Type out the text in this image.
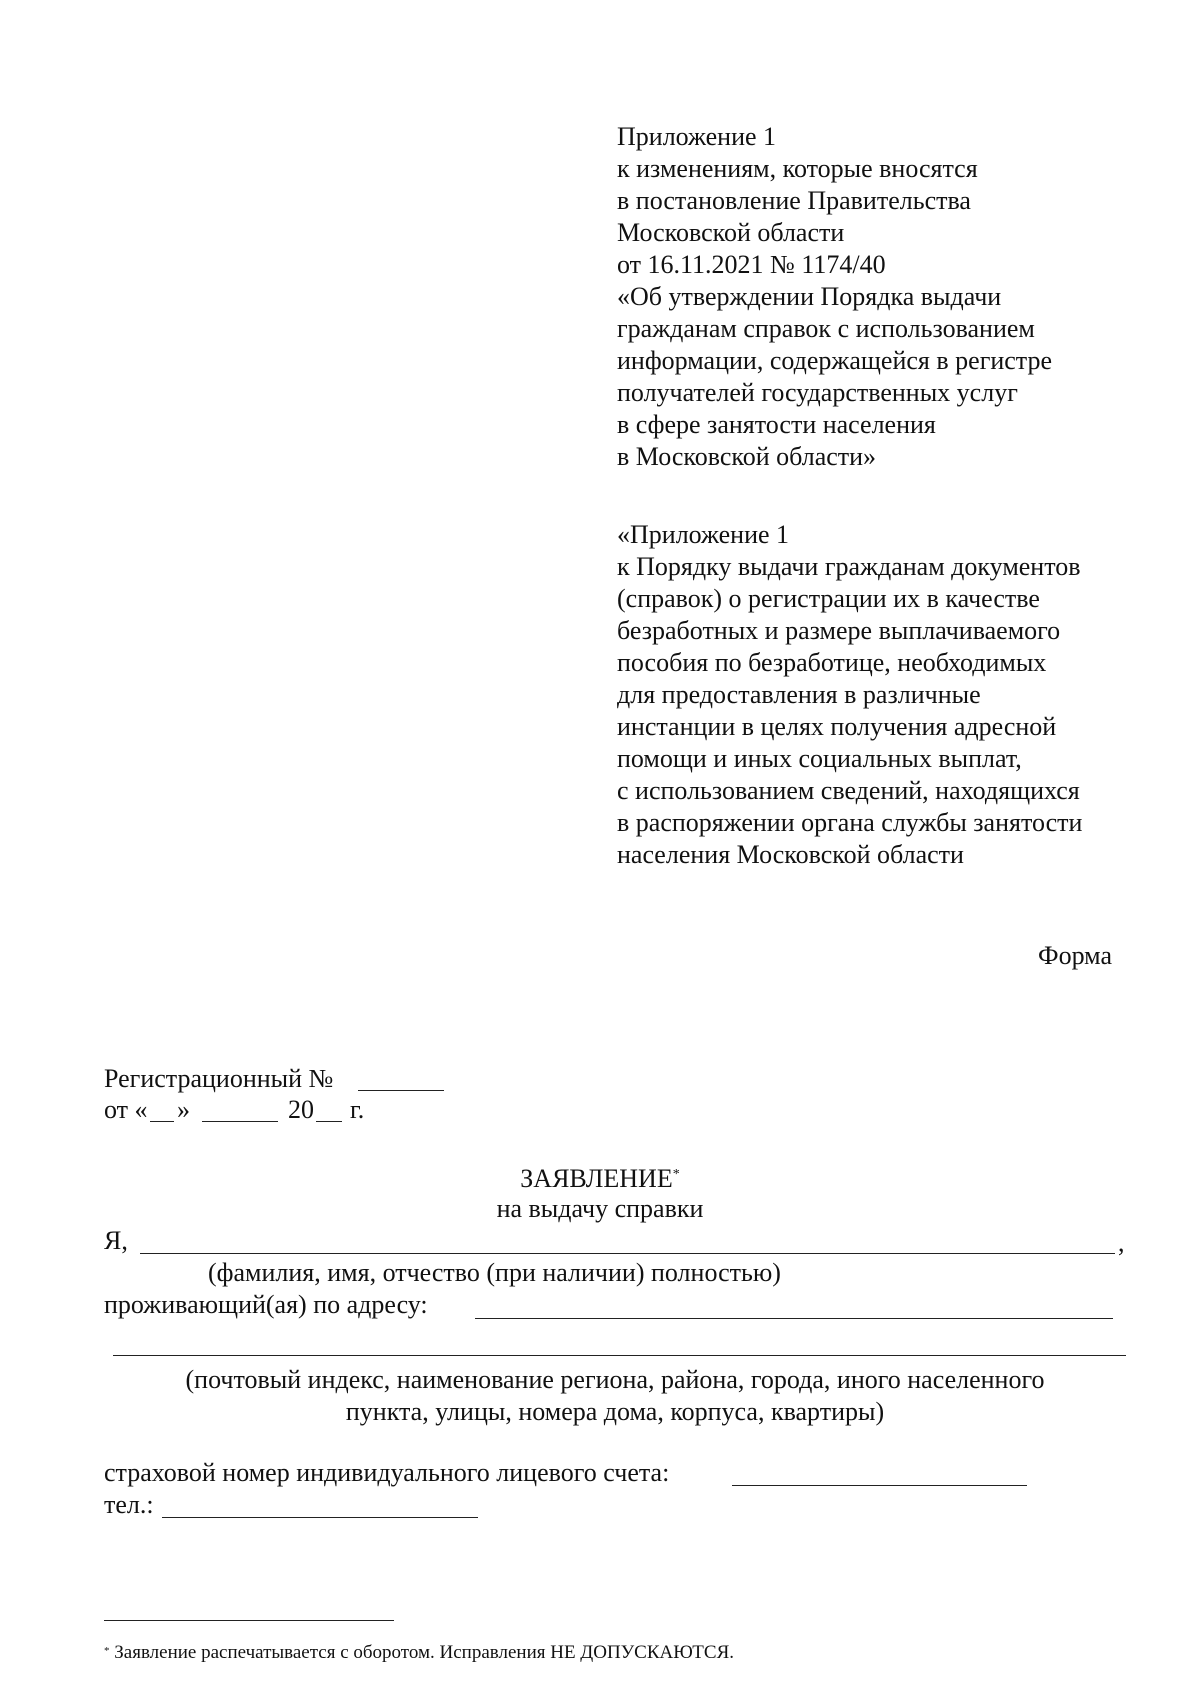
Приложение 1
к изменениям, которые вносятся
в постановление Правительства
Московской области
от 16.11.2021 № 1174/40
«Об утверждении Порядка выдачи
гражданам справок с использованием
информации, содержащейся в регистре
получателей государственных услуг
в сфере занятости населения
в Московской области»
«Приложение 1
к Порядку выдачи гражданам документов
(справок) о регистрации их в качестве
безработных и размере выплачиваемого
пособия по безработице, необходимых
для предоставления в различные
инстанции в целях получения адресной
помощи и иных социальных выплат,
с использованием сведений, находящихся
в распоряжении органа службы занятости
населения Московской области
Форма
Регистрационный №
от « »	20 г.
ЗАЯВЛЕНИЕ*
на выдачу справки
Я,	,
(фамилия, имя, отчество (при наличии) полностью)
проживающий(ая) по адресу:
(почтовый индекс, наименование региона, района, города, иного населенного
пункта, улицы, номера дома, корпуса, квартиры)
страховой номер индивидуального лицевого счета:
тел.:
* Заявление распечатывается с оборотом. Исправления НЕ ДОПУСКАЮТСЯ.
